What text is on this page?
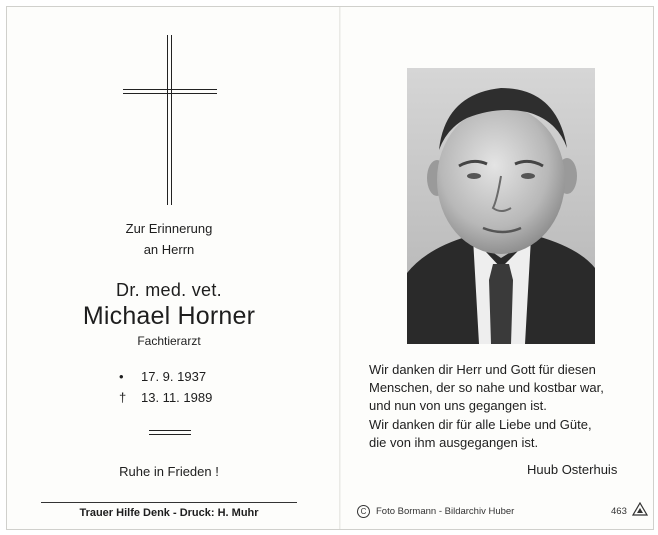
Zur Erinnerung
an Herrn
Dr. med. vet.
Michael Horner
Fachtierarzt
• 17. 9. 1937
† 13. 11. 1989
Ruhe in Frieden !
Trauer Hilfe Denk - Druck: H. Muhr
Wir danken dir Herr und Gott für diesen
Menschen, der so nahe und kostbar war,
und nun von uns gegangen ist.
Wir danken dir für alle Liebe und Güte,
die von ihm ausgegangen ist.
Huub Osterhuis
C	Foto Bormann - Bildarchiv Huber	463
